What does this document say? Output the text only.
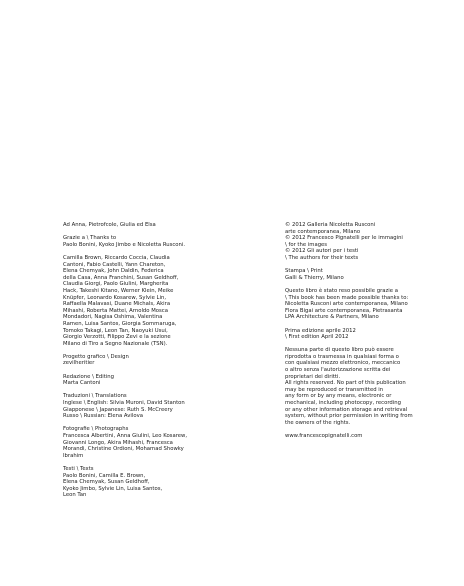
Ad Anna, Pietrofcole, Giulia ed Elsa
Grazie a \ Thanks to
Paolo Bonini, Kyoko Jimbo e Nicoletta Rusconi.
Camilla Brown, Riccardo Coccia, Claudia
Cantoni, Fabio Castelli, Yann Chareton,
Elena Chemyak, John Daldin, Federica
della Casa, Anna Franchini, Susan Geldhoff,
Claudia Giorgi, Paolo Giulini, Margherita
Hack, Takeshi Kitano, Werner Klein, Meike
Knüpfer, Leonardo Kosarew, Sylvie Lin,
Raffaella Malavasi, Duane Michals, Akira
Mihashi, Roberta Mattei, Arnoldo Mosca
Mondadori, Nagisa Oshima, Valentina
Ramen, Luisa Santos, Giorgia Sommaruga,
Tomoko Takagi, Leon Tan, Naoyuki Usui,
Giorgio Verzotti, Filippo Zevi e la sezione
Milano di Tiro a Segno Nazionale (TSN).
Progetto grafico \ Design
zevilheritier
Redazione \ Editing
Marta Cantoni
Traduzioni \ Translations
Inglese \ English: Silvia Muroni, David Stanton
Giapponese \ Japanese: Ruth S. McCreery
Russo \ Russian: Elena Avilova
Fotografie \ Photographs
Francesca Albertini, Anna Giulini, Leo Kosarew,
Giovanni Longo, Akira Mihashi, Francesca
Morandi, Christine Ordioni, Mohamad Showky
Ibrahim
Testi \ Texts
Paolo Bonini, Camilla E. Brown,
Elena Chemyak, Susan Geldhoff,
Kyoko Jimbo, Sylvie Lin, Luisa Santos,
Leon Tan
© 2012 Galleria Nicoletta Rusconi
arte contemporanea, Milano
© 2012 Francesco Pignatelli per le immagini
\ for the images
© 2012 Gli autori per i testi
\ The authors for their texts
Stampa \ Print
Galli & Thierry, Milano
Questo libro è stato reso possibile grazie a
\ This book has been made possible thanks to:
Nicoletta Rusconi arte contemporanea, Milano
Flora Bigai arte contemporanea, Pietrasanta
LPA Architecture & Partners, Milano
Prima edizione aprile 2012
\ First edition April 2012
Nessuna parte di questo libro può essere
riprodotta o trasmessa in qualsiasi forma o
con qualsiasi mezzo elettronico, meccanico
o altro senza l'autorizzazione scritta dei
proprietari dei diritti.
All rights reserved. No part of this publication
may be reproduced or transmitted in
any form or by any means, electronic or
mechanical, including photocopy, recording
or any other information storage and retrieval
system, without prior permission in writing from
the owners of the rights.
www.francescopignatelli.com
